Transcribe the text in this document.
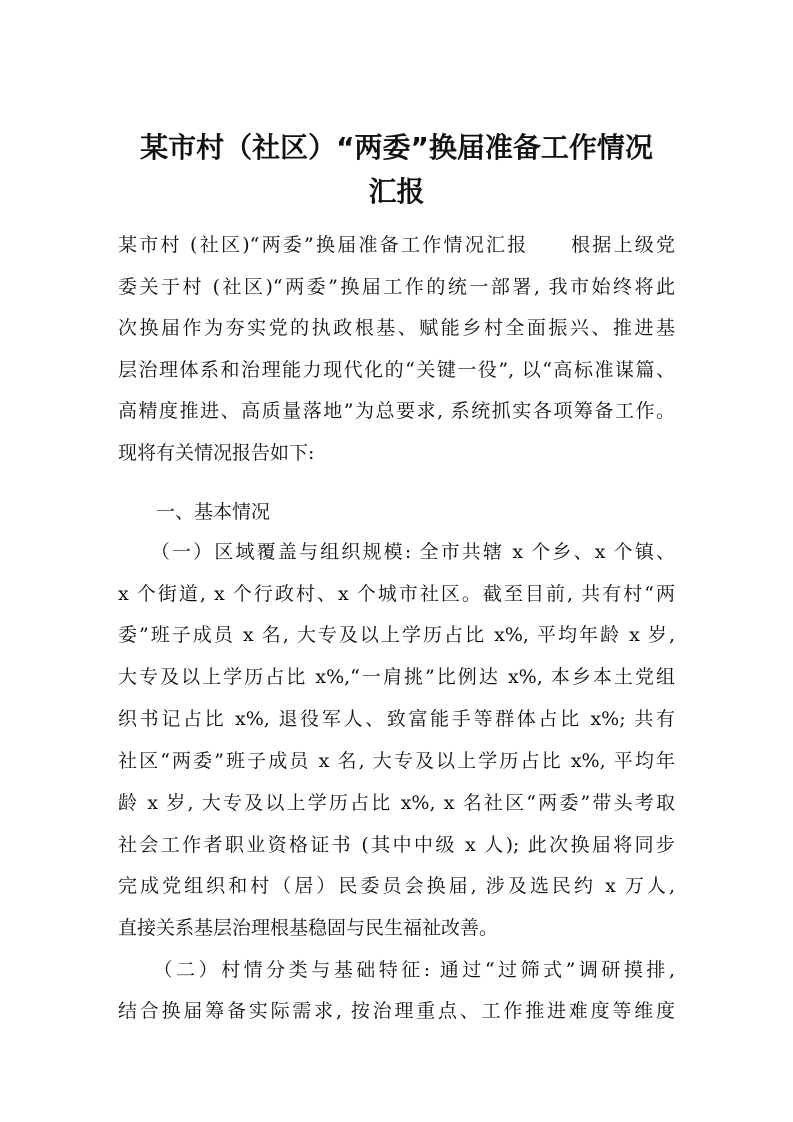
某市村（社区）“两委”换届准备工作情况
汇报
某市村 (社区)“两委”换届准备工作情况汇报　　根据上级党
委关于村 (社区)“两委”换届工作的统一部署, 我市始终将此
次换届作为夯实党的执政根基、赋能乡村全面振兴、推进基
层治理体系和治理能力现代化的“关键一役”, 以“高标准谋篇、
高精度推进、高质量落地”为总要求, 系统抓实各项筹备工作。
现将有关情况报告如下:
　　一、基本情况
　　（一）区域覆盖与组织规模: 全市共辖 x 个乡、x 个镇、
x 个街道, x 个行政村、x 个城市社区。截至目前, 共有村“两
委”班子成员 x 名, 大专及以上学历占比 x%, 平均年龄 x 岁,
大专及以上学历占比 x%,“一肩挑”比例达 x%, 本乡本土党组
织书记占比 x%, 退役军人、致富能手等群体占比 x%; 共有
社区“两委”班子成员 x 名, 大专及以上学历占比 x%, 平均年
龄 x 岁, 大专及以上学历占比 x%, x 名社区“两委”带头考取
社会工作者职业资格证书 (其中中级 x 人); 此次换届将同步
完成党组织和村（居）民委员会换届, 涉及选民约 x 万人,
直接关系基层治理根基稳固与民生福祉改善。
　　（二）村情分类与基础特征: 通过“过筛式”调研摸排,
结合换届筹备实际需求, 按治理重点、工作推进难度等维度
